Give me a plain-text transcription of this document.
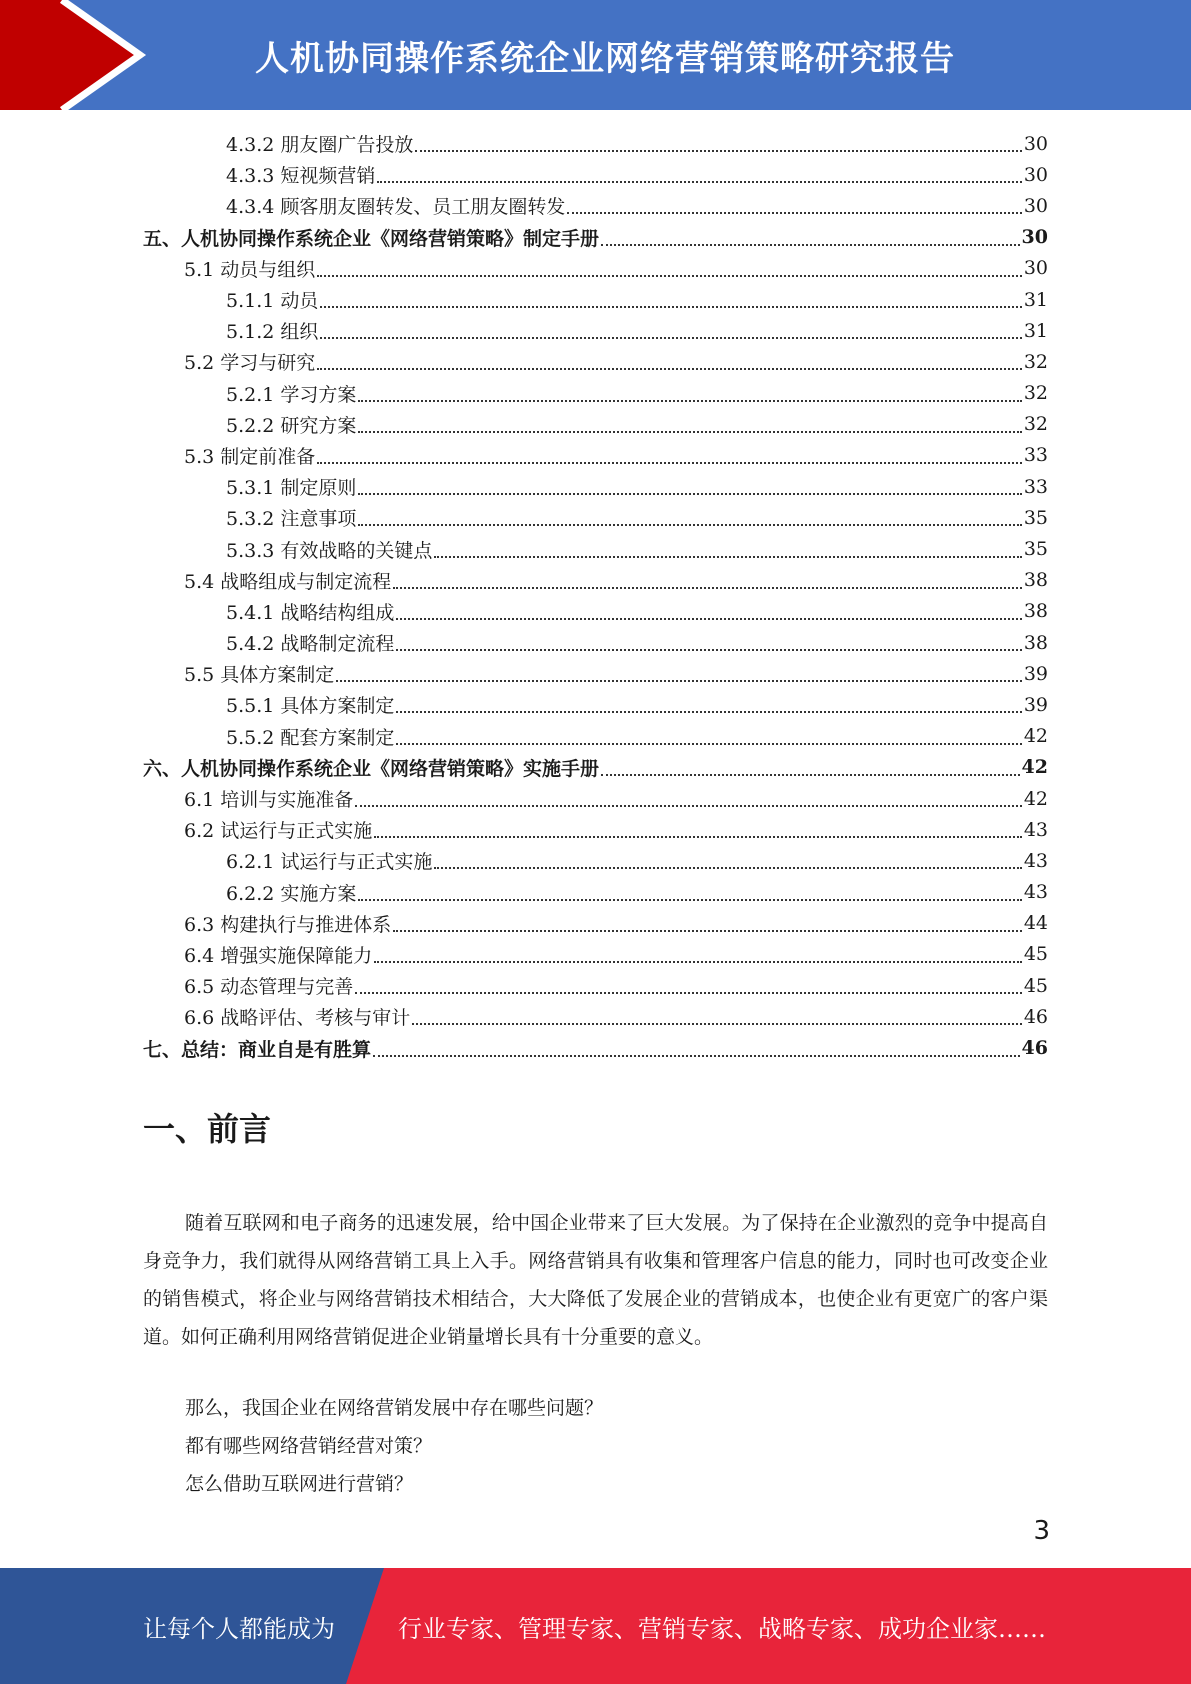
人机协同操作系统企业网络营销策略研究报告
4.3.2 朋友圈广告投放	30
4.3.3 短视频营销	30
4.3.4 顾客朋友圈转发、员工朋友圈转发	30
五、人机协同操作系统企业《网络营销策略》制定手册	30
5.1 动员与组织	30
5.1.1 动员	31
5.1.2 组织	31
5.2 学习与研究	32
5.2.1 学习方案	32
5.2.2 研究方案	32
5.3 制定前准备	33
5.3.1 制定原则	33
5.3.2 注意事项	35
5.3.3 有效战略的关键点	35
5.4 战略组成与制定流程	38
5.4.1 战略结构组成	38
5.4.2 战略制定流程	38
5.5 具体方案制定	39
5.5.1 具体方案制定	39
5.5.2 配套方案制定	42
六、人机协同操作系统企业《网络营销策略》实施手册	42
6.1 培训与实施准备	42
6.2 试运行与正式实施	43
6.2.1 试运行与正式实施	43
6.2.2 实施方案	43
6.3 构建执行与推进体系	44
6.4 增强实施保障能力	45
6.5 动态管理与完善	45
6.6 战略评估、考核与审计	46
七、总结：商业自是有胜算	46
一、前言
随着互联网和电子商务的迅速发展，给中国企业带来了巨大发展。为了保持在企业激烈的竞争中提高自身竞争力，我们就得从网络营销工具上入手。网络营销具有收集和管理客户信息的能力，同时也可改变企业的销售模式，将企业与网络营销技术相结合，大大降低了发展企业的营销成本，也使企业有更宽广的客户渠道。如何正确利用网络营销促进企业销量增长具有十分重要的意义。
那么，我国企业在网络营销发展中存在哪些问题？
都有哪些网络营销经营对策？
怎么借助互联网进行营销？
3
让每个人都能成为	行业专家、管理专家、营销专家、战略专家、成功企业家……
